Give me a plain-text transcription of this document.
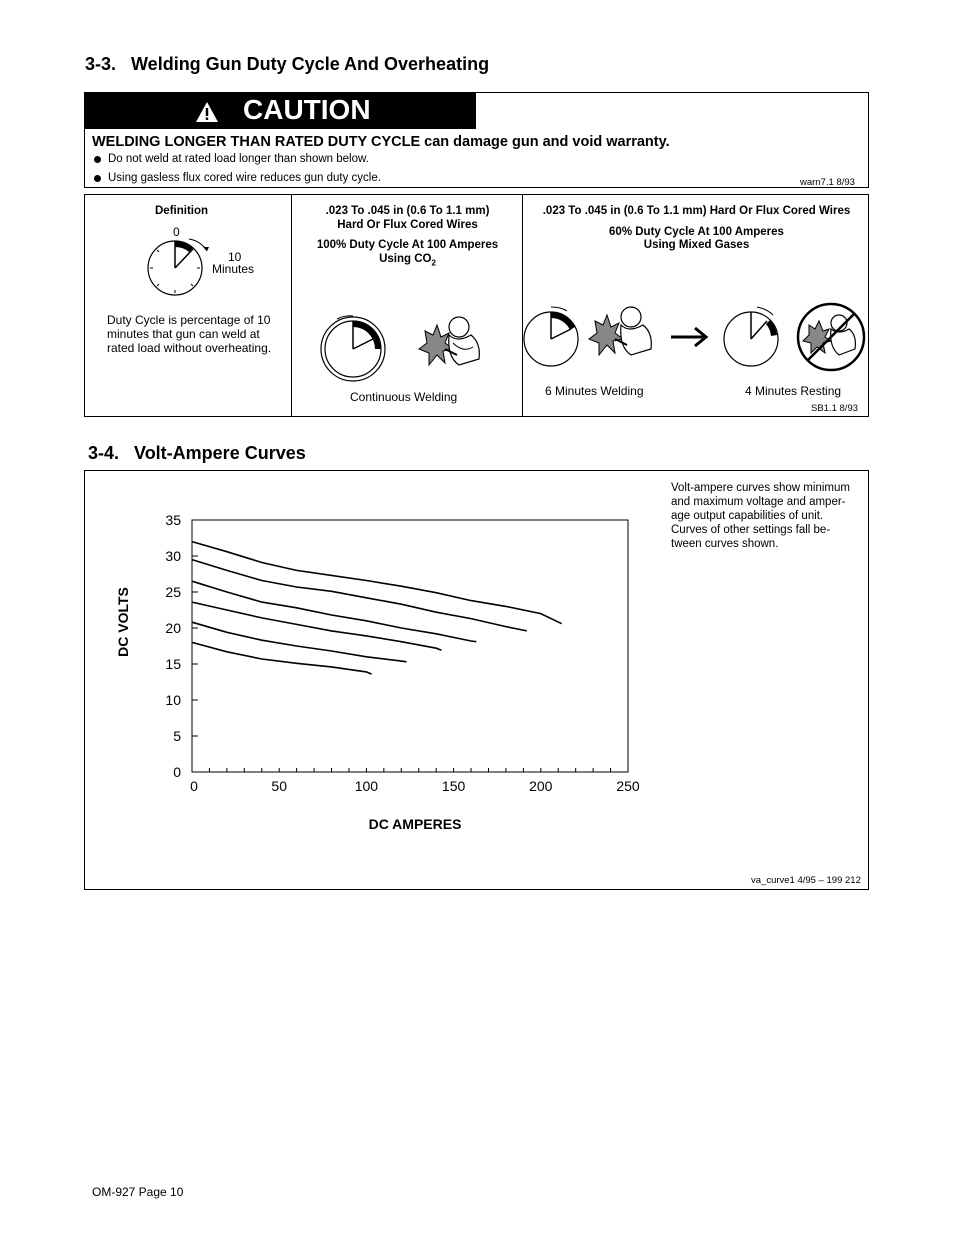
3-3.   Welding Gun Duty Cycle And Overheating
CAUTION
WELDING LONGER THAN RATED DUTY CYCLE can damage gun and void warranty.
Do not weld at rated load longer than shown below.
Using gasless flux cored wire reduces gun duty cycle.	warn7.1 8/93
Definition
0
10
Minutes
Duty Cycle is percentage of 10
minutes that gun can weld at
rated load without overheating.
.023 To .045 in (0.6 To 1.1 mm)
Hard Or Flux Cored Wires
100% Duty Cycle At 100 Amperes
Using $CO_2$
Continuous Welding
.023 To .045 in (0.6 To 1.1 mm) Hard Or Flux Cored Wires
60% Duty Cycle At 100 Amperes
Using Mixed Gases
6 Minutes Welding	4 Minutes Resting
SB1.1 8/93
3-4.   Volt-Ampere Curves
Volt-ampere curves show minimum
and maximum voltage and amper-
age output capabilities of unit.
Curves of other settings fall be-
tween curves shown.
va_curve1 4/95 – 199 212
0
5
10
15
20
25
30
35
0	50	100	150	200	250
DC VOLTS
DC AMPERES
OM-927 Page 10
